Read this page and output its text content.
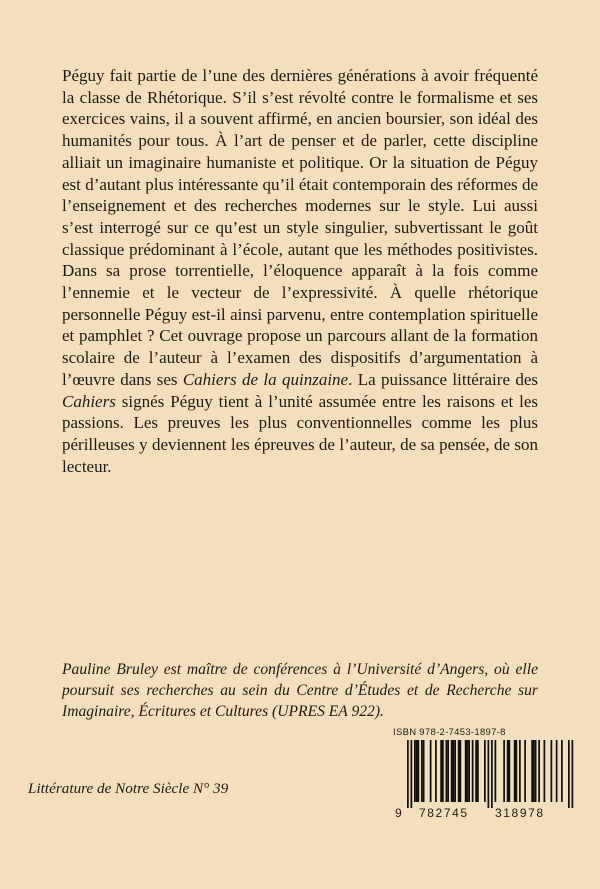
Péguy fait partie de l’une des dernières générations à avoir fréquenté la classe de Rhétorique. S’il s’est révolté contre le formalisme et ses exercices vains, il a souvent affirmé, en ancien boursier, son idéal des humanités pour tous. À l’art de penser et de parler, cette discipline alliait un imaginaire humaniste et politique. Or la situation de Péguy est d’autant plus intéressante qu’il était contemporain des réformes de l’enseignement et des recherches modernes sur le style. Lui aussi s’est interrogé sur ce qu’est un style singulier, subvertissant le goût classique prédominant à l’école, autant que les méthodes positivistes. Dans sa prose torrentielle, l’éloquence apparaît à la fois comme l’ennemie et le vecteur de l’expressivité. À quelle rhétorique personnelle Péguy est-il ainsi parvenu, entre contemplation spirituelle et pamphlet ? Cet ouvrage propose un parcours allant de la formation scolaire de l’auteur à l’examen des dispositifs d’argumentation à l’œuvre dans ses Cahiers de la quinzaine. La puissance littéraire des Cahiers signés Péguy tient à l’unité assumée entre les raisons et les passions. Les preuves les plus conventionnelles comme les plus périlleuses y deviennent les épreuves de l’auteur, de sa pensée, de son lecteur.

Pauline Bruley est maître de conférences à l’Université d’Angers, où elle poursuit ses recherches au sein du Centre d’Études et de Recherche sur Imaginaire, Écritures et Cultures (UPRES EA 922).

Littérature de Notre Siècle N° 39

ISBN 978-2-7453-1897-8
9 782745 318978
